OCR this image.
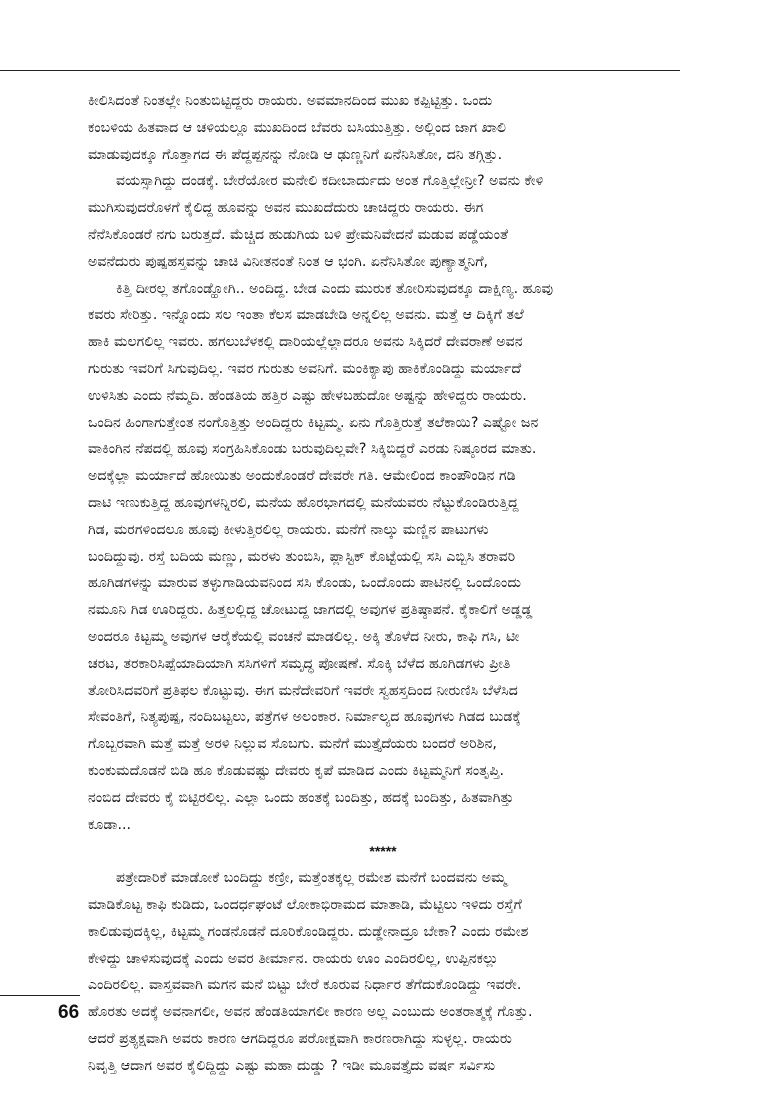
ಕೀಲಿಸಿದಂತೆ ನಿಂತಲ್ಲೇ ನಿಂತುಬಿಟ್ಟಿದ್ದರು ರಾಯರು. ಅವಮಾನದಿಂದ ಮುಖ ಕಪ್ಪಿಟ್ಟಿತ್ತು. ಒಂದು
ಕಂಬಳಿಯ ಹಿತವಾದ ಆ ಚಳಿಯಲ್ಲೂ ಮುಖದಿಂದ ಬೆವರು ಬಸಿಯುತ್ತಿತ್ತು. ಅಲ್ಲಿಂದ ಜಾಗ ಖಾಲಿ
ಮಾಡುವುದಕ್ಕೂ ಗೊತ್ತಾಗದ ಈ ಪೆದ್ದಪ್ಪನನ್ನು ನೋಡಿ ಆ ಢುಣ್ಣನಿಗೆ ಏನೆನಿಸಿತೋ, ದನಿ ತಗ್ಗಿತ್ತು.
ವಯಸ್ಸಾಗಿದ್ದು ದಂಡಕ್ಕೆ. ಬೇರೆಯೋರ ಮನೇಲಿ ಕದೀಬಾರ್ದುದು ಅಂತ ಗೊತ್ತಿಲ್ಲೇನ್ರೀ? ಅವನು ಕೇಳಿ
ಮುಗಿಸುವುದರೊಳಗೆ ಕೈಲಿದ್ದ ಹೂವನ್ನು ಅವನ ಮುಖದೆದುರು ಚಾಚಿದ್ದರು ರಾಯರು. ಈಗ
ನೆನೆಸಿಕೊಂಡರೆ ನಗು ಬರುತ್ತದೆ. ಮೆಚ್ಚಿದ ಹುಡುಗಿಯ ಬಳಿ ಪ್ರೇಮನಿವೇದನೆ ಮಡುವ ಪಡ್ಡೆಯಂತೆ
ಅವನೆದುರು ಪುಷ್ಪಹಸ್ತವನ್ನು ಚಾಚಿ ವಿನೀತನಂತೆ ನಿಂತ ಆ ಭಂಗಿ. ಏನೆನಿಸಿತೋ ಪುಣ್ಯಾತ್ಮನಿಗೆ,
ಕಿತ್ತಿ ದೀರಲ್ಲ ತಗೊಂಡ್ಹೋಗಿ.. ಅಂದಿದ್ದ. ಬೇಡ ಎಂದು ಮುರುಕ ತೋರಿಸುವುದಕ್ಕೂ ದಾಕ್ಷಿಣ್ಯ. ಹೂವು
ಕವರು ಸೇರಿತ್ತು. ಇನ್ನೊಂದು ಸಲ ಇಂತಾ ಕೆಲಸ ಮಾಡಬೇಡಿ ಅನ್ನಲಿಲ್ಲ ಅವನು. ಮತ್ತೆ ಆ ದಿಕ್ಕಿಗೆ ತಲೆ
ಹಾಕಿ ಮಲಗಲಿಲ್ಲ ಇವರು. ಹಗಲುಬೆಳಕಲ್ಲಿ ದಾರಿಯಲ್ಲೆಲ್ಲಾದರೂ ಅವನು ಸಿಕ್ಕಿದರೆ ದೇವರಾಣೆ ಅವನ
ಗುರುತು ಇವರಿಗೆ ಸಿಗುವುದಿಲ್ಲ. ಇವರ ಗುರುತು ಅವನಿಗೆ. ಮಂಕಿಕ್ಯಾಪು ಹಾಕಿಕೊಂಡಿದ್ದು ಮರ್ಯಾದೆ
ಉಳಿಸಿತು ಎಂದು ನೆಮ್ಮದಿ. ಹೆಂಡತಿಯ ಹತ್ತಿರ ಎಷ್ಟು ಹೇಳಬಹುದೋ ಅಷ್ಟನ್ನು ಹೇಳಿದ್ದರು ರಾಯರು.
ಒಂದಿನ ಹಿಂಗಾಗುತ್ತೇಂತ ನಂಗೊತ್ತಿತ್ತು ಅಂದಿದ್ದರು ಕಿಟ್ಟಮ್ಮ. ಏನು ಗೊತ್ತಿರುತ್ತೆ ತಲೆಕಾಯಿ? ಎಷ್ಟೋ ಜನ
ವಾಕಿಂಗಿನ ನೆಪದಲ್ಲಿ ಹೂವು ಸಂಗ್ರಹಿಸಿಕೊಂಡು ಬರುವುದಿಲ್ಲವೇ? ಸಿಕ್ಕಿಬಿದ್ದರೆ ಎರಡು ನಿಷ್ಠೂರದ ಮಾತು.
ಅದಕ್ಕೆಲ್ಲಾ ಮರ್ಯಾದೆ ಹೋಯಿತು ಅಂದುಕೊಂಡರೆ ದೇವರೇ ಗತಿ. ಆಮೇಲಿಂದ ಕಾಂಪೌಂಡಿನ ಗಡಿ
ದಾಟಿ ಇಣುಕುತ್ತಿದ್ದ ಹೂವುಗಳನ್ನಿರಲಿ, ಮನೆಯ ಹೊರಭಾಗದಲ್ಲಿ ಮನೆಯವರು ನೆಟ್ಟುಕೊಂಡಿರುತ್ತಿದ್ದ
ಗಿಡ, ಮರಗಳಿಂದಲೂ ಹೂವು ಕೀಳುತ್ತಿರಲಿಲ್ಲ ರಾಯರು. ಮನೆಗೆ ನಾಲ್ಕು ಮಣ್ಣಿನ ಪಾಟುಗಳು
ಬಂದಿದ್ದುವು. ರಸ್ತೆ ಬದಿಯ ಮಣ್ಣು, ಮರಳು ತುಂಬಿಸಿ, ಪ್ಲಾಸ್ಟಿಕ್ ಕೊಟ್ಟೆಯಲ್ಲಿ ಸಸಿ ಎಬ್ಬಿಸಿ ತರಾವರಿ
ಹೂಗಿಡಗಳನ್ನು ಮಾರುವ ತಳ್ಳುಗಾಡಿಯವನಿಂದ ಸಸಿ ಕೊಂಡು, ಒಂದೊಂದು ಪಾಟಿನಲ್ಲಿ ಒಂದೊಂದು
ನಮೂನಿ ಗಿಡ ಊರಿದ್ದರು. ಹಿತ್ತಲಲ್ಲಿದ್ದ ಚೋಟುದ್ದ ಜಾಗದಲ್ಲಿ ಅವುಗಳ ಪ್ರತಿಷ್ಠಾಪನೆ. ಕೈಕಾಲಿಗೆ ಅಡ್ಡಡ್ಡ
ಅಂದರೂ ಕಿಟ್ಟಮ್ಮ ಅವುಗಳ ಆರೈಕೆಯಲ್ಲಿ ವಂಚನೆ ಮಾಡಲಿಲ್ಲ. ಅಕ್ಕಿ ತೊಳೆದ ನೀರು, ಕಾಫಿ ಗಸಿ, ಟೀ
ಚರಟ, ತರಕಾರಿಸಿಪ್ಪೆಯಾದಿಯಾಗಿ ಸಸಿಗಳಿಗೆ ಸಮೃದ್ಧ ಪೋಷಣೆ. ಸೊಕ್ಕಿ ಬೆಳೆದ ಹೂಗಿಡಗಳು ಪ್ರೀತಿ
ತೋರಿಸಿದವರಿಗೆ ಪ್ರತಿಫಲ ಕೊಟ್ಟುವು. ಈಗ ಮನೆದೇವರಿಗೆ ಇವರೇ ಸ್ವಹಸ್ತದಿಂದ ನೀರುಣಿಸಿ ಬೆಳೆಸಿದ
ಸೇವಂತಿಗೆ, ನಿತ್ಯಪುಷ್ಪ, ನಂದಿಬಟ್ಟಲು, ಪತ್ರೆಗಳ ಅಲಂಕಾರ. ನಿರ್ಮಾಲ್ಯದ ಹೂವುಗಳು ಗಿಡದ ಬುಡಕ್ಕೆ
ಗೊಬ್ಬರವಾಗಿ ಮತ್ತೆ ಮತ್ತೆ ಅರಳಿ ನಿಲ್ಲುವ ಸೊಬಗು. ಮನೆಗೆ ಮುತ್ತೈದೆಯರು ಬಂದರೆ ಅರಿಶಿನ,
ಕುಂಕುಮದೊಡನೆ ಬಿಡಿ ಹೂ ಕೊಡುವಷ್ಟು ದೇವರು ಕೃಪೆ ಮಾಡಿದ ಎಂದು ಕಿಟ್ಟಮ್ಮನಿಗೆ ಸಂತೃಪ್ತಿ.
ನಂಬಿದ ದೇವರು ಕೈ ಬಿಟ್ಟಿರಲಿಲ್ಲ. ಎಲ್ಲಾ ಒಂದು ಹಂತಕ್ಕೆ ಬಂದಿತ್ತು, ಹದಕ್ಕೆ ಬಂದಿತ್ತು, ಹಿತವಾಗಿತ್ತು
ಕೂಡಾ...
*****
ಪತ್ರೇದಾರಿಕೆ ಮಾಡೋಕೆ ಬಂದಿದ್ದು ಕಣ್ರೀ, ಮತ್ತೆಂತಕ್ಕಲ್ಲ ರಮೇಶ ಮನೆಗೆ ಬಂದವನು ಅಮ್ಮ
ಮಾಡಿಕೊಟ್ಟ ಕಾಫಿ ಕುಡಿದು, ಒಂದರ್ಧಘಂಟೆ ಲೋಕಾಭಿರಾಮದ ಮಾತಾಡಿ, ಮೆಟ್ಟಿಲು ಇಳಿದು ರಸ್ತೆಗೆ
ಕಾಲಿಡುವುದಕ್ಕಿಲ್ಲ, ಕಿಟ್ಟಮ್ಮ ಗಂಡನೊಡನೆ ದೂರಿಕೊಂಡಿದ್ದರು. ದುಡ್ಡೇನಾದ್ರೂ ಬೇಕಾ? ಎಂದು ರಮೇಶ
ಕೇಳಿದ್ದು ಚಾಳಿಸುವುದಕ್ಕೆ ಎಂದು ಅವರ ತೀರ್ಮಾನ. ರಾಯರು ಊಂ ಎಂದಿರಲಿಲ್ಲ, ಉಪ್ಪಿನಕಲ್ಲು
ಎಂದಿರಲಿಲ್ಲ. ವಾಸ್ತವವಾಗಿ ಮಗನ ಮನೆ ಬಿಟ್ಟು ಬೇರೆ ಕೂರುವ ನಿರ್ಧಾರ ತೆಗೆದುಕೊಂಡಿದ್ದು ಇವರೇ.
ಹೊರತು ಅದಕ್ಕೆ ಅವನಾಗಲೀ, ಅವನ ಹೆಂಡತಿಯಾಗಲೀ ಕಾರಣ ಅಲ್ಲ ಎಂಬುದು ಅಂತರಾತ್ಮಕ್ಕೆ ಗೊತ್ತು.
ಆದರೆ ಪ್ರತ್ಯಕ್ಷವಾಗಿ ಅವರು ಕಾರಣ ಆಗದಿದ್ದರೂ ಪರೋಕ್ಷವಾಗಿ ಕಾರಣರಾಗಿದ್ದು ಸುಳ್ಳಲ್ಲ. ರಾಯರು
ನಿವೃತ್ತಿ ಆದಾಗ ಅವರ ಕೈಲಿದ್ದಿದ್ದು ಎಷ್ಟು ಮಹಾ ದುಡ್ಡು ? ಇಡೀ ಮೂವತ್ತೈದು ವರ್ಷ ಸರ್ವಿಸು
66
